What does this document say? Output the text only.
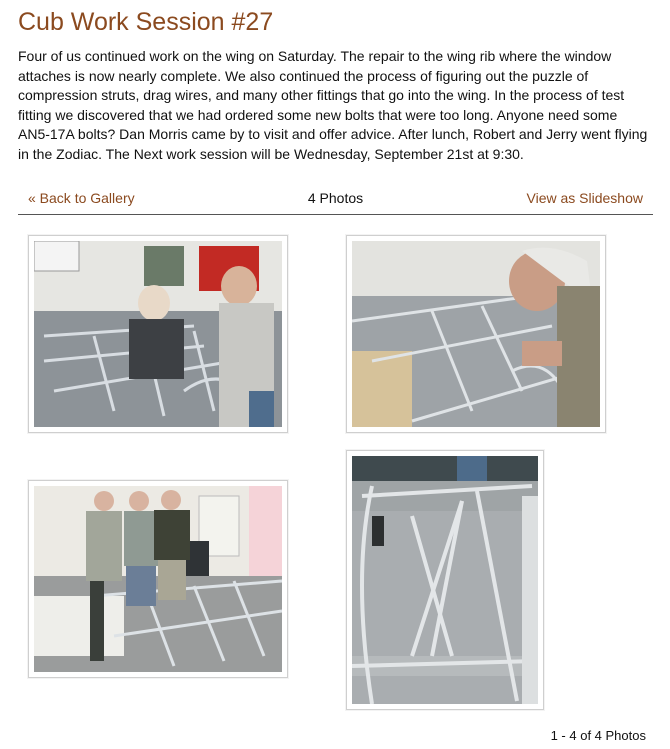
Cub Work Session #27

Four of us continued work on the wing on Saturday. The repair to the wing rib where the window attaches is now nearly complete. We also continued the process of figuring out the puzzle of compression struts, drag wires, and many other fittings that go into the wing. In the process of test fitting we discovered that we had ordered some new bolts that were too long. Anyone need some AN5-17A bolts? Dan Morris came by to visit and offer advice. After lunch, Robert and Jerry went flying in the Zodiac. The Next work session will be Wednesday, September 21st at 9:30.

« Back to Gallery	4 Photos	View as Slideshow
1 - 4 of 4 Photos
